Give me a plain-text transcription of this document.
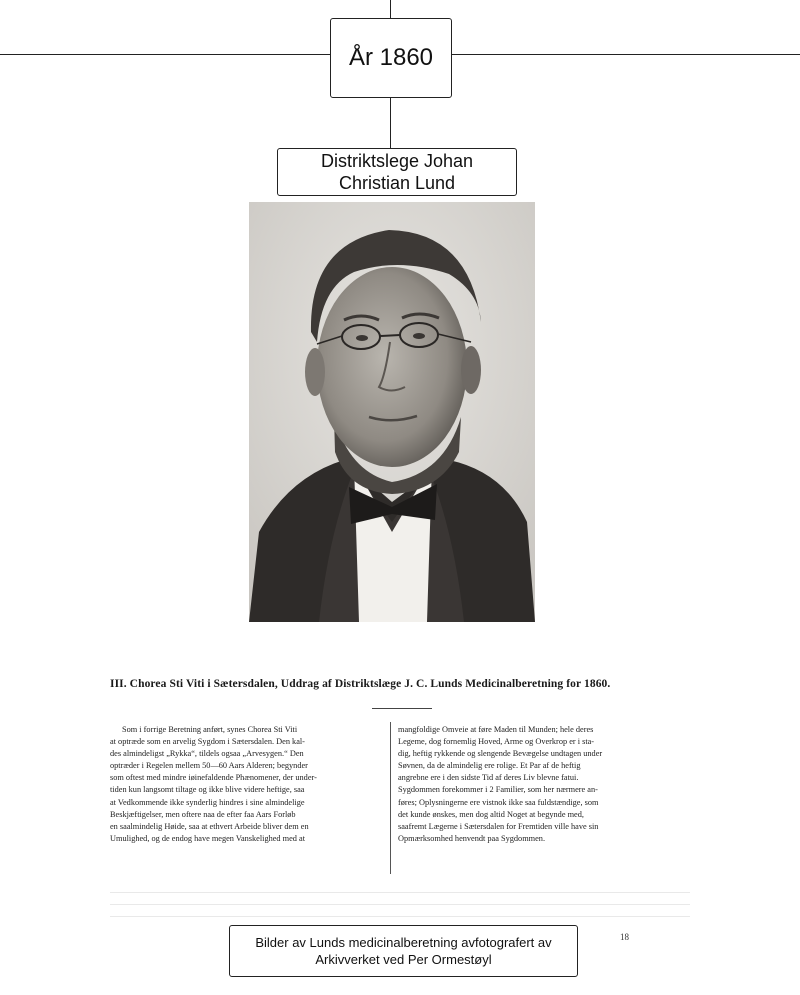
År 1860
Distriktslege Johan Christian Lund
III. Chorea Sti Viti i Sætersdalen, Uddrag af Distriktslæge J. C. Lunds Medicinalberetning for 1860.
Som i forrige Beretning anført, synes Chorea Sti Viti
at optræde som en arvelig Sygdom i Sætersdalen. Den kal-
des almindeligst „Rykka“, tildels ogsaa „Arvesygen.“ Den
optræder i Regelen mellem 50—60 Aars Alderen; begynder
som oftest med mindre iøinefaldende Phænomener, der under-
tiden kun langsomt tiltage og ikke blive videre heftige, saa
at Vedkommende ikke synderlig hindres i sine almindelige
Beskjæftigelser, men oftere naa de efter faa Aars Forløb
en saalmindelig Høide, saa at ethvert Arbeide bliver dem en
Umulighed, og de endog have megen Vanskelighed med at
mangfoldige Omveie at føre Maden til Munden; hele deres
Legeme, dog fornemlig Hoved, Arme og Overkrop er i sta-
dig, heftig rykkende og slengende Bevægelse undtagen under
Søvnen, da de almindelig ere rolige. Et Par af de heftig
angrebne ere i den sidste Tid af deres Liv blevne fatui.
Sygdommen forekommer i 2 Familier, som her nærmere an-
føres; Oplysningerne ere vistnok ikke saa fuldstændige, som
det kunde ønskes, men dog altid Noget at begynde med,
saafremt Lægerne i Sætersdalen for Fremtiden ville have sin
Opmærksomhed henvendt paa Sygdommen.
18
Bilder av Lunds medicinalberetning avfotografert av Arkivverket ved Per Ormestøyl
